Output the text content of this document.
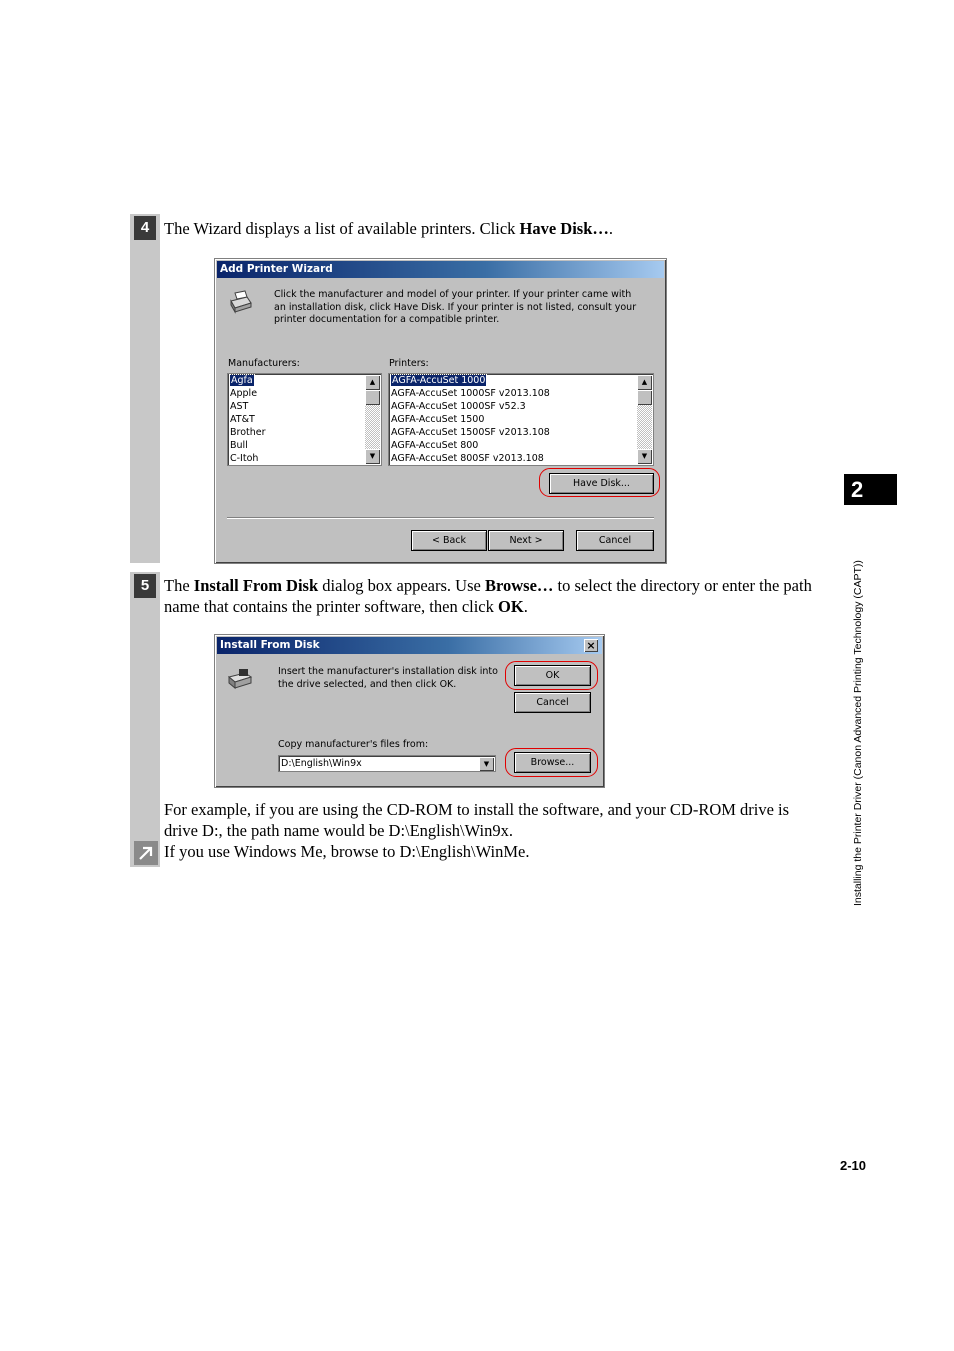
4 The Wizard displays a list of available printers. Click Have Disk….
Add Printer Wizard
Click the manufacturer and model of your printer. If your printer came with an installation disk, click Have Disk. If your printer is not listed, consult your printer documentation for a compatible printer.
Manufacturers:
Agfa
Apple
AST
AT&T
Brother
Bull
C-Itoh
▲
▼
Printers:
AGFA-AccuSet 1000
AGFA-AccuSet 1000SF v2013.108
AGFA-AccuSet 1000SF v52.3
AGFA-AccuSet 1500
AGFA-AccuSet 1500SF v2013.108
AGFA-AccuSet 800
AGFA-AccuSet 800SF v2013.108
▲
▼
Have Disk...
< Back	Next >	Cancel
5 The Install From Disk dialog box appears. Use Browse… to select the directory or enter the path name that contains the printer software, then click OK.
Install From Disk	×
Insert the manufacturer's installation disk into the drive selected, and then click OK.
OK
Cancel
Copy manufacturer's files from:
D:\English\Win9x	▼	Browse...
For example, if you are using the CD-ROM to install the software, and your CD-ROM drive is drive D:, the path name would be D:\English\Win9x.
If you use Windows Me, browse to D:\English\WinMe.
2
Installing the Printer Driver (Canon Advanced Printing Technology (CAPT))
2-10
